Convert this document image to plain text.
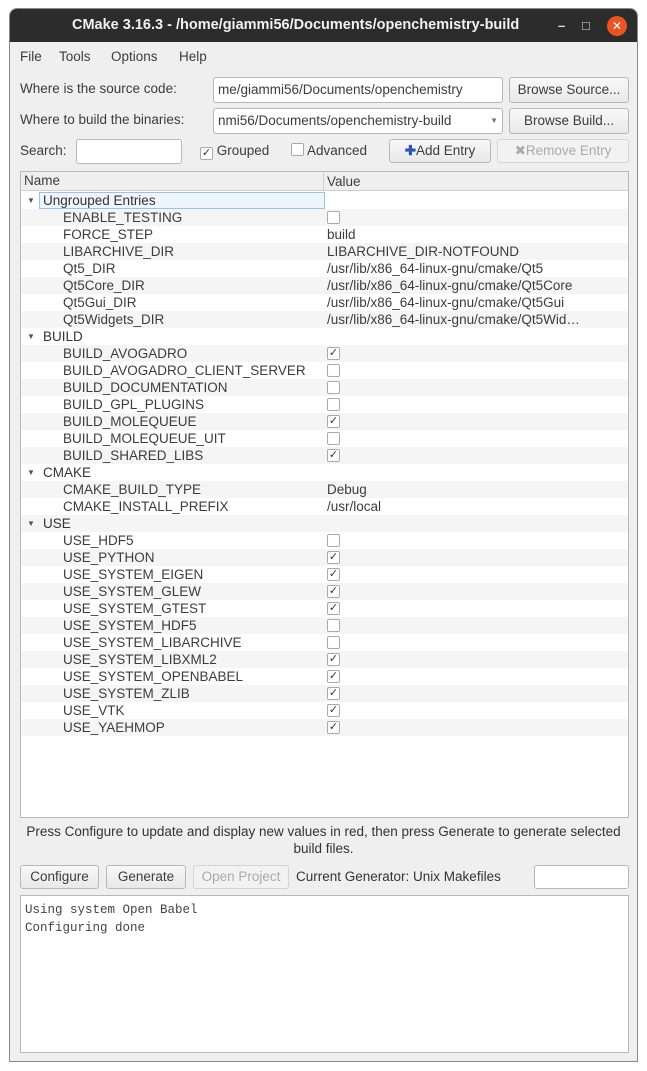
CMake 3.16.3 - /home/giammi56/Documents/openchemistry-build	– □	✕
File Tools Options Help
Where is the source code:	me/giammi56/Documents/openchemistry	Browse Source...
Where to build the binaries:	nmi56/Documents/openchemistry-build	▼	Browse Build...
Search:	✓ Grouped	Advanced	✚Add Entry	✖Remove Entry
Name	Value
▼ Ungrouped Entries
ENABLE_TESTING
FORCE_STEP	build
LIBARCHIVE_DIR	LIBARCHIVE_DIR-NOTFOUND
Qt5_DIR	/usr/lib/x86_64-linux-gnu/cmake/Qt5
Qt5Core_DIR	/usr/lib/x86_64-linux-gnu/cmake/Qt5Core
Qt5Gui_DIR	/usr/lib/x86_64-linux-gnu/cmake/Qt5Gui
Qt5Widgets_DIR	/usr/lib/x86_64-linux-gnu/cmake/Qt5Wid…
▼ BUILD
BUILD_AVOGADRO	✓
BUILD_AVOGADRO_CLIENT_SERVER
BUILD_DOCUMENTATION
BUILD_GPL_PLUGINS
BUILD_MOLEQUEUE	✓
BUILD_MOLEQUEUE_UIT
BUILD_SHARED_LIBS	✓
▼ CMAKE
CMAKE_BUILD_TYPE	Debug
CMAKE_INSTALL_PREFIX	/usr/local
▼ USE
USE_HDF5
USE_PYTHON	✓
USE_SYSTEM_EIGEN	✓
USE_SYSTEM_GLEW	✓
USE_SYSTEM_GTEST	✓
USE_SYSTEM_HDF5
USE_SYSTEM_LIBARCHIVE
USE_SYSTEM_LIBXML2	✓
USE_SYSTEM_OPENBABEL	✓
USE_SYSTEM_ZLIB	✓
USE_VTK	✓
USE_YAEHMOP	✓
Press Configure to update and display new values in red, then press Generate to generate selected build files.
Configure	Generate	Open Project	Current Generator: Unix Makefiles
Using system Open Babel
Configuring done
